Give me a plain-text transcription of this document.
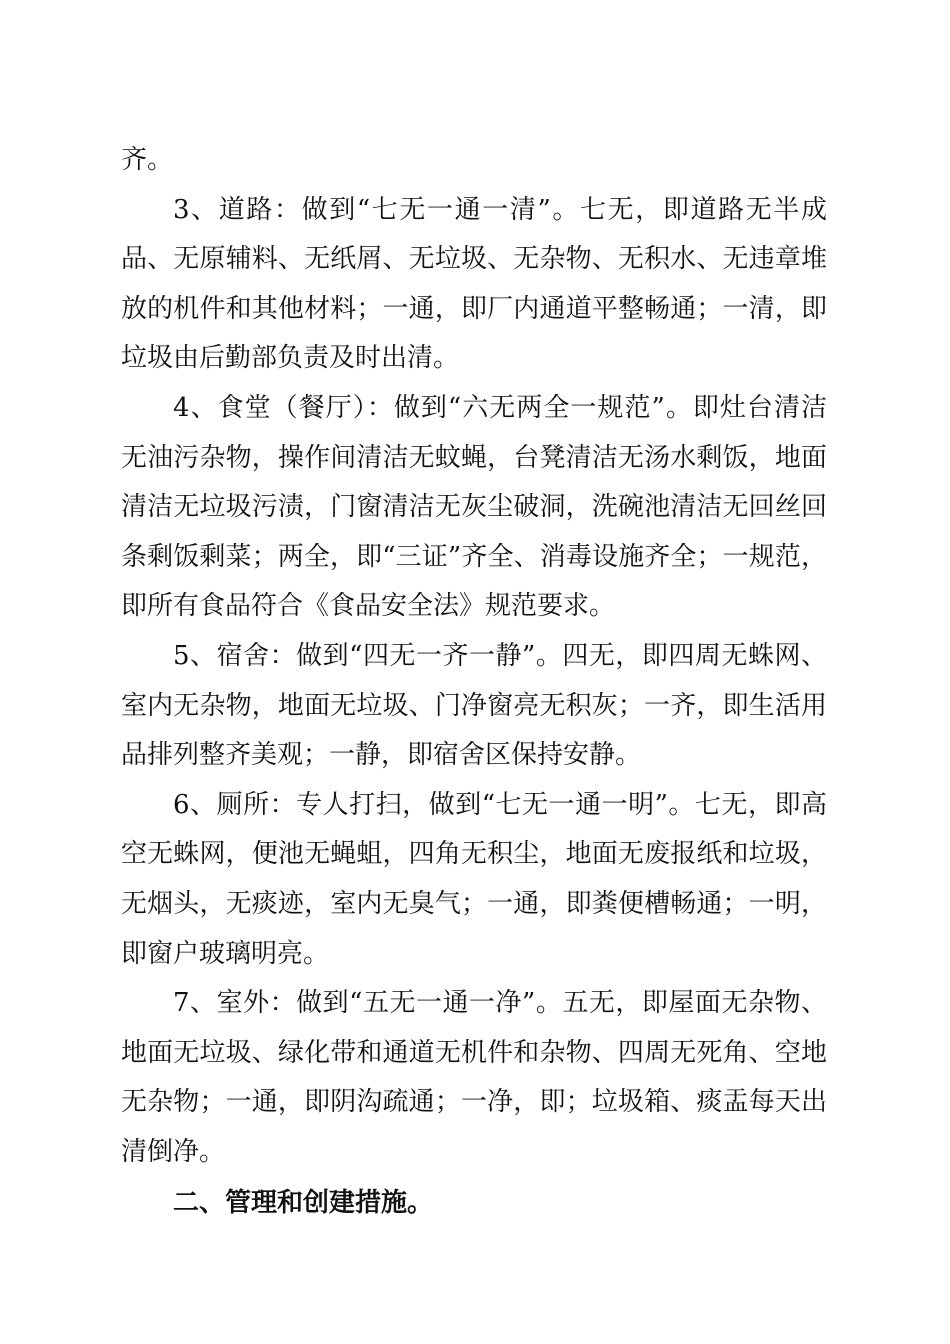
齐。

3、道路：做到“七无一通一清”。七无，即道路无半成品、无原辅料、无纸屑、无垃圾、无杂物、无积水、无违章堆放的机件和其他材料；一通，即厂内通道平整畅通；一清，即垃圾由后勤部负责及时出清。

4、食堂（餐厅）：做到“六无两全一规范”。即灶台清洁无油污杂物，操作间清洁无蚊蝇，台凳清洁无汤水剩饭，地面清洁无垃圾污渍，门窗清洁无灰尘破洞，洗碗池清洁无回丝回条剩饭剩菜；两全，即“三证”齐全、消毒设施齐全；一规范，即所有食品符合《食品安全法》规范要求。

5、宿舍：做到“四无一齐一静”。四无，即四周无蛛网、室内无杂物，地面无垃圾、门净窗亮无积灰；一齐，即生活用品排列整齐美观；一静，即宿舍区保持安静。

6、厕所：专人打扫，做到“七无一通一明”。七无，即高空无蛛网，便池无蝇蛆，四角无积尘，地面无废报纸和垃圾，无烟头，无痰迹，室内无臭气；一通，即粪便槽畅通；一明，即窗户玻璃明亮。

7、室外：做到“五无一通一净”。五无，即屋面无杂物、地面无垃圾、绿化带和通道无机件和杂物、四周无死角、空地无杂物；一通，即阴沟疏通；一净，即；垃圾箱、痰盂每天出清倒净。

二、管理和创建措施。
